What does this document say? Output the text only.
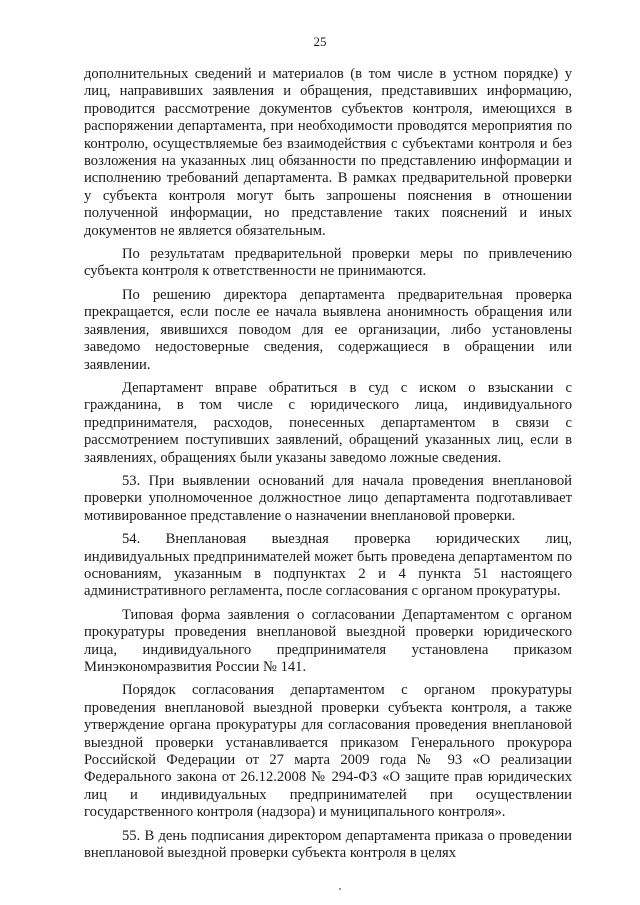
25

дополнительных сведений и материалов (в том числе в устном порядке) у лиц, направивших заявления и обращения, представивших информацию, проводится рассмотрение документов субъектов контроля, имеющихся в распоряжении департамента, при необходимости проводятся мероприятия по контролю, осуществляемые без взаимодействия с субъектами контроля и без возложения на указанных лиц обязанности по представлению информации и исполнению требований департамента. В рамках предварительной проверки у субъекта контроля могут быть запрошены пояснения в отношении полученной информации, но представление таких пояснений и иных документов не является обязательным.

По результатам предварительной проверки меры по привлечению субъекта контроля к ответственности не принимаются.

По решению директора департамента предварительная проверка прекращается, если после ее начала выявлена анонимность обращения или заявления, явившихся поводом для ее организации, либо установлены заведомо недостоверные сведения, содержащиеся в обращении или заявлении.

Департамент вправе обратиться в суд с иском о взыскании с гражданина, в том числе с юридического лица, индивидуального предпринимателя, расходов, понесенных департаментом в связи с рассмотрением поступивших заявлений, обращений указанных лиц, если в заявлениях, обращениях были указаны заведомо ложные сведения.

53. При выявлении оснований для начала проведения внеплановой проверки уполномоченное должностное лицо департамента подготавливает мотивированное представление о назначении внеплановой проверки.

54. Внеплановая выездная проверка юридических лиц, индивидуальных предпринимателей может быть проведена департаментом по основаниям, указанным в подпунктах 2 и 4 пункта 51 настоящего административного регламента, после согласования с органом прокуратуры.

Типовая форма заявления о согласовании Департаментом с органом прокуратуры проведения внеплановой выездной проверки юридического лица, индивидуального предпринимателя установлена приказом Минэкономразвития России № 141.

Порядок согласования департаментом с органом прокуратуры проведения внеплановой выездной проверки субъекта контроля, а также утверждение органа прокуратуры для согласования проведения внеплановой выездной проверки устанавливается приказом Генерального прокурора Российской Федерации от 27 марта 2009 года № 93 «О реализации Федерального закона от 26.12.2008 № 294-ФЗ «О защите прав юридических лиц и индивидуальных предпринимателей при осуществлении государственного контроля (надзора) и муниципального контроля».

55. В день подписания директором департамента приказа о проведении внеплановой выездной проверки субъекта контроля в целях
